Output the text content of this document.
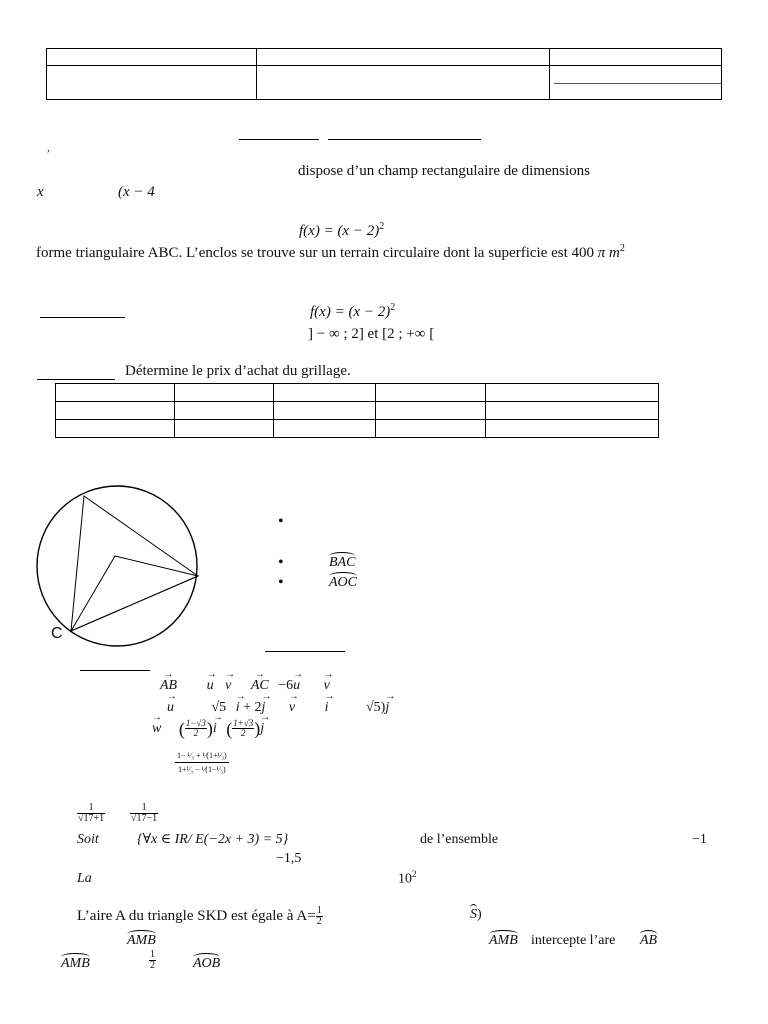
,
dispose d’un champ rectangulaire de dimensions
x	(x − 4
$f(x) = (x - 2)^2$
forme triangulaire ABC. L’enclos se trouve sur un terrain circulaire dont la superficie est 400 π $m^2$
$f(x) = (x - 2)^2$
] − ∞ ; 2] et [2 ; +∞ [
Détermine le prix d’achat du grillage.

C
•
•
•
BAC
AOC
→ AB → u → v → AC −6→ u → v
→ u	√5 → i + 2→ j → v → i	√5)→ j
→ w ( $\frac{1-√3}{2}$ )→ i ( $\frac{1+√3}{2}$ )→ j
1− ¹⁄₃ + ¹⁄(1+¹⁄₃)
1+¹⁄₃ − ¹⁄(1−¹⁄₃)
$\frac{1}{√17+1} \frac{1}{√17-1}$
Soit	{∀x ∈ IR/ E(−2x + 3) = 5}	de l’ensemble	−1
−1,5
La	$10^2$
L’aire A du triangle SKD est égale à $A= \frac{1}{2}$	S)
AMB	AMB intercepte l’are AB
AMB	$\frac{1}{2}$	AOB
